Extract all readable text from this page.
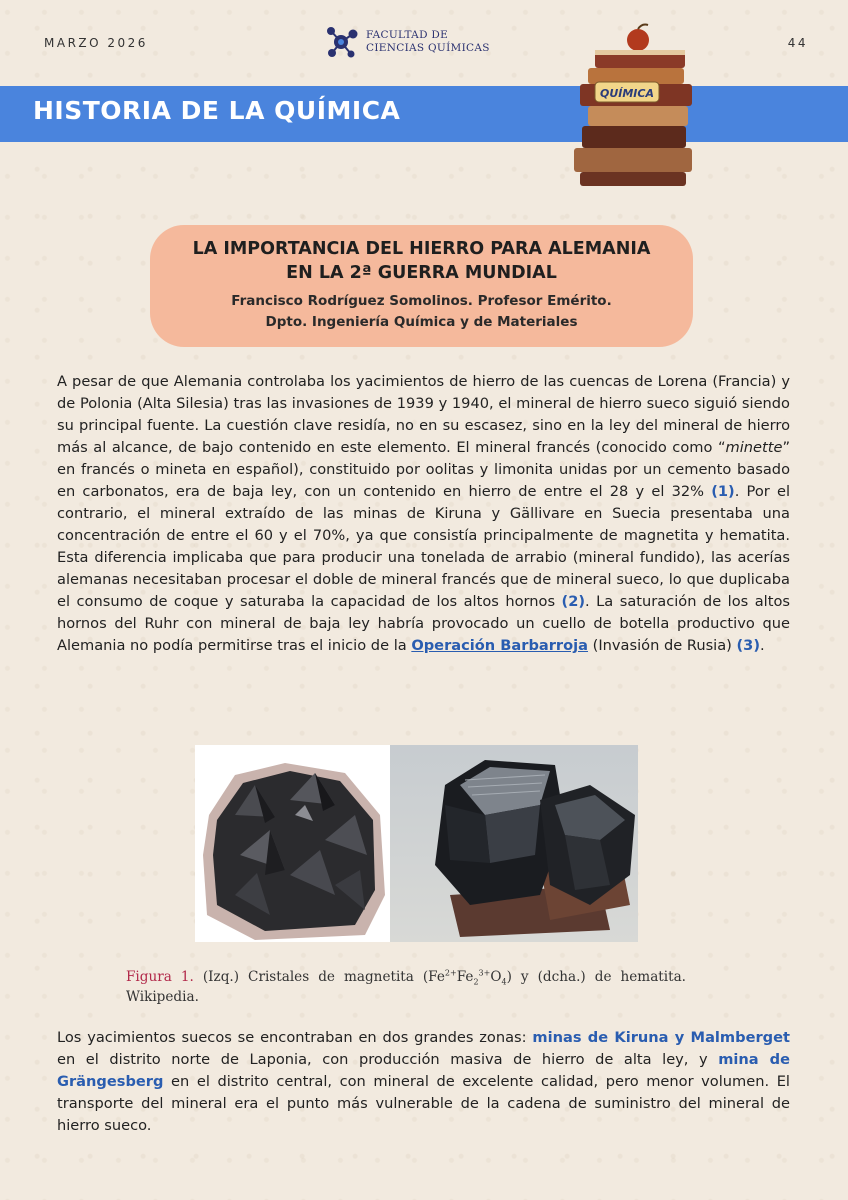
MARZO 2026	44
FACULTAD DE
CIENCIAS QUÍMICAS
HISTORIA DE LA QUÍMICA
QUÍMICA
LA IMPORTANCIA DEL HIERRO PARA ALEMANIA
EN LA 2ª GUERRA MUNDIAL
Francisco Rodríguez Somolinos. Profesor Emérito.
Dpto. Ingeniería Química y de Materiales

A pesar de que Alemania controlaba los yacimientos de hierro de las cuencas de Lorena (Francia) y de Polonia (Alta Silesia) tras las invasiones de 1939 y 1940, el mineral de hierro sueco siguió siendo su principal fuente. La cuestión clave residía, no en su escasez, sino en la ley del mineral de hierro más al alcance, de bajo contenido en este elemento. El mineral francés (conocido como “minette” en francés o mineta en español), constituido por oolitas y limonita unidas por un cemento basado en carbonatos, era de baja ley, con un contenido en hierro de entre el 28 y el 32% (1). Por el contrario, el mineral extraído de las minas de Kiruna y Gällivare en Suecia presentaba una concentración de entre el 60 y el 70%, ya que consistía principalmente de magnetita y hematita. Esta diferencia implicaba que para producir una tonelada de arrabio (mineral fundido), las acerías alemanas necesitaban procesar el doble de mineral francés que de mineral sueco, lo que duplicaba el consumo de coque y saturaba la capacidad de los altos hornos (2). La saturación de los altos hornos del Ruhr con mineral de baja ley habría provocado un cuello de botella productivo que Alemania no podía permitirse tras el inicio de la Operación Barbarroja (Invasión de Rusia) (3).

Figura 1. (Izq.) Cristales de magnetita $(Fe^{2+}Fe_2^{3+}O_4)$ y (dcha.) de hematita. Wikipedia.

Los yacimientos suecos se encontraban en dos grandes zonas: minas de Kiruna y Malmberget en el distrito norte de Laponia, con producción masiva de hierro de alta ley, y mina de Grängesberg en el distrito central, con mineral de excelente calidad, pero menor volumen. El transporte del mineral era el punto más vulnerable de la cadena de suministro del mineral de hierro sueco.
